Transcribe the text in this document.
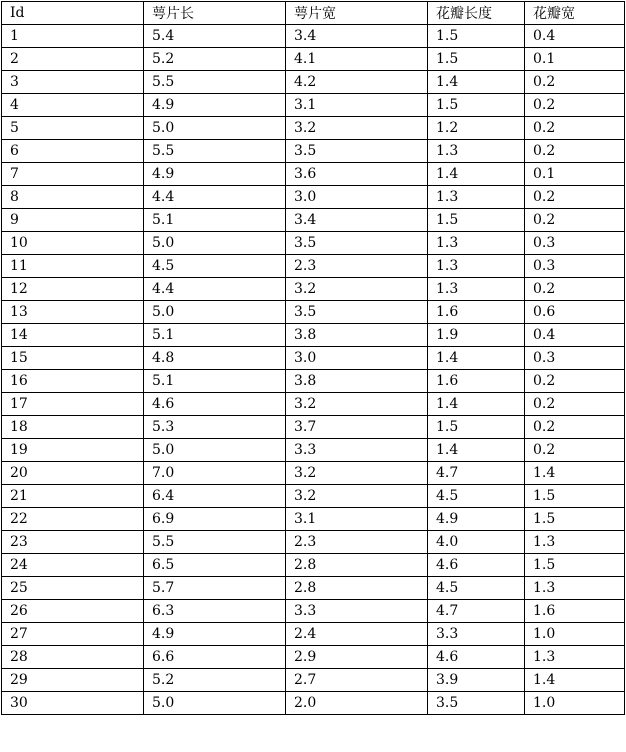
Id	萼片长	萼片宽	花瓣长度	花瓣宽
1	5.4	3.4	1.5	0.4
2	5.2	4.1	1.5	0.1
3	5.5	4.2	1.4	0.2
4	4.9	3.1	1.5	0.2
5	5.0	3.2	1.2	0.2
6	5.5	3.5	1.3	0.2
7	4.9	3.6	1.4	0.1
8	4.4	3.0	1.3	0.2
9	5.1	3.4	1.5	0.2
10	5.0	3.5	1.3	0.3
11	4.5	2.3	1.3	0.3
12	4.4	3.2	1.3	0.2
13	5.0	3.5	1.6	0.6
14	5.1	3.8	1.9	0.4
15	4.8	3.0	1.4	0.3
16	5.1	3.8	1.6	0.2
17	4.6	3.2	1.4	0.2
18	5.3	3.7	1.5	0.2
19	5.0	3.3	1.4	0.2
20	7.0	3.2	4.7	1.4
21	6.4	3.2	4.5	1.5
22	6.9	3.1	4.9	1.5
23	5.5	2.3	4.0	1.3
24	6.5	2.8	4.6	1.5
25	5.7	2.8	4.5	1.3
26	6.3	3.3	4.7	1.6
27	4.9	2.4	3.3	1.0
28	6.6	2.9	4.6	1.3
29	5.2	2.7	3.9	1.4
30	5.0	2.0	3.5	1.0
